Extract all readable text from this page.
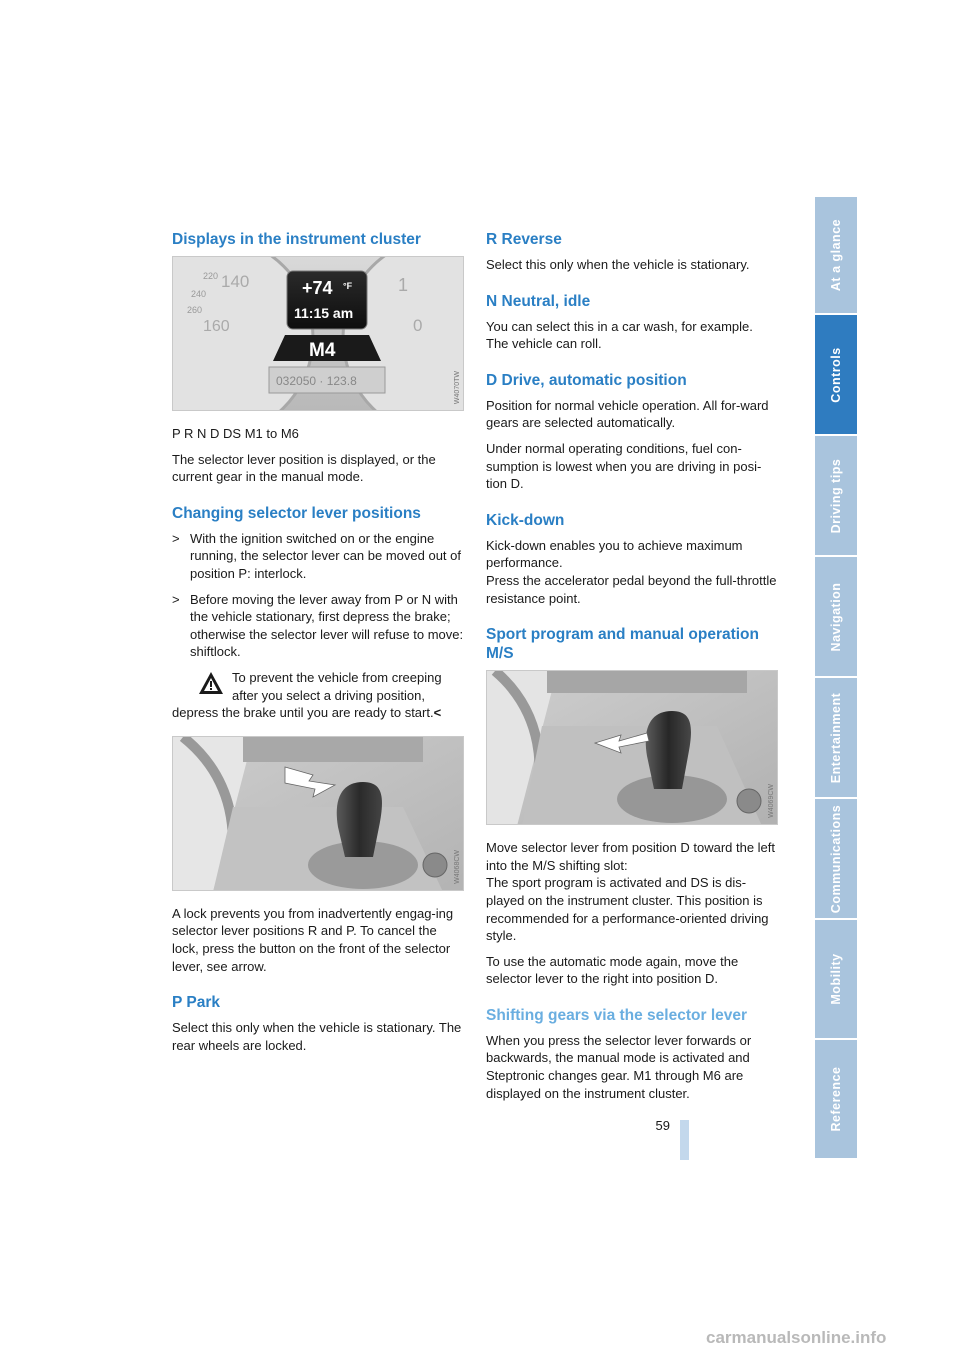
Displays in the instrument cluster
220 140
240
260
160
1
0
+74 °F
11:15 am
M4
032050 · 123.8	W4070TW

P R N D DS M1 to M6

The selector lever position is displayed, or the current gear in the manual mode.

Changing selector lever positions
> With the ignition switched on or the engine running, the selector lever can be moved out of position P: interlock.
> Before moving the lever away from P or N with the vehicle stationary, first depress the brake; otherwise the selector lever will refuse to move: shiftlock.
To prevent the vehicle from creeping
after you select a driving position,
depress the brake until you are ready to start.<
W4068CW

A lock prevents you from inadvertently engag-ing selector lever positions R and P. To cancel the lock, press the button on the front of the selector lever, see arrow.

P Park

Select this only when the vehicle is stationary. The rear wheels are locked.

R Reverse

Select this only when the vehicle is stationary.

N Neutral, idle

You can select this in a car wash, for example. The vehicle can roll.

D Drive, automatic position

Position for normal vehicle operation. All for-ward gears are selected automatically.

Under normal operating conditions, fuel con-sumption is lowest when you are driving in posi-tion D.

Kick-down

Kick-down enables you to achieve maximum performance.

Press the accelerator pedal beyond the full-throttle resistance point.

Sport program and manual operation M/S
W4069CW

Move selector lever from position D toward the left into the M/S shifting slot:

The sport program is activated and DS is dis-played on the instrument cluster. This position is recommended for a performance-oriented driving style.

To use the automatic mode again, move the selector lever to the right into position D.

Shifting gears via the selector lever

When you press the selector lever forwards or backwards, the manual mode is activated and Steptronic changes gear. M1 through M6 are displayed on the instrument cluster.

At a glance
Controls
Driving tips
Navigation
Entertainment
Communications
Mobility
Reference
59
carmanualsonline.info
